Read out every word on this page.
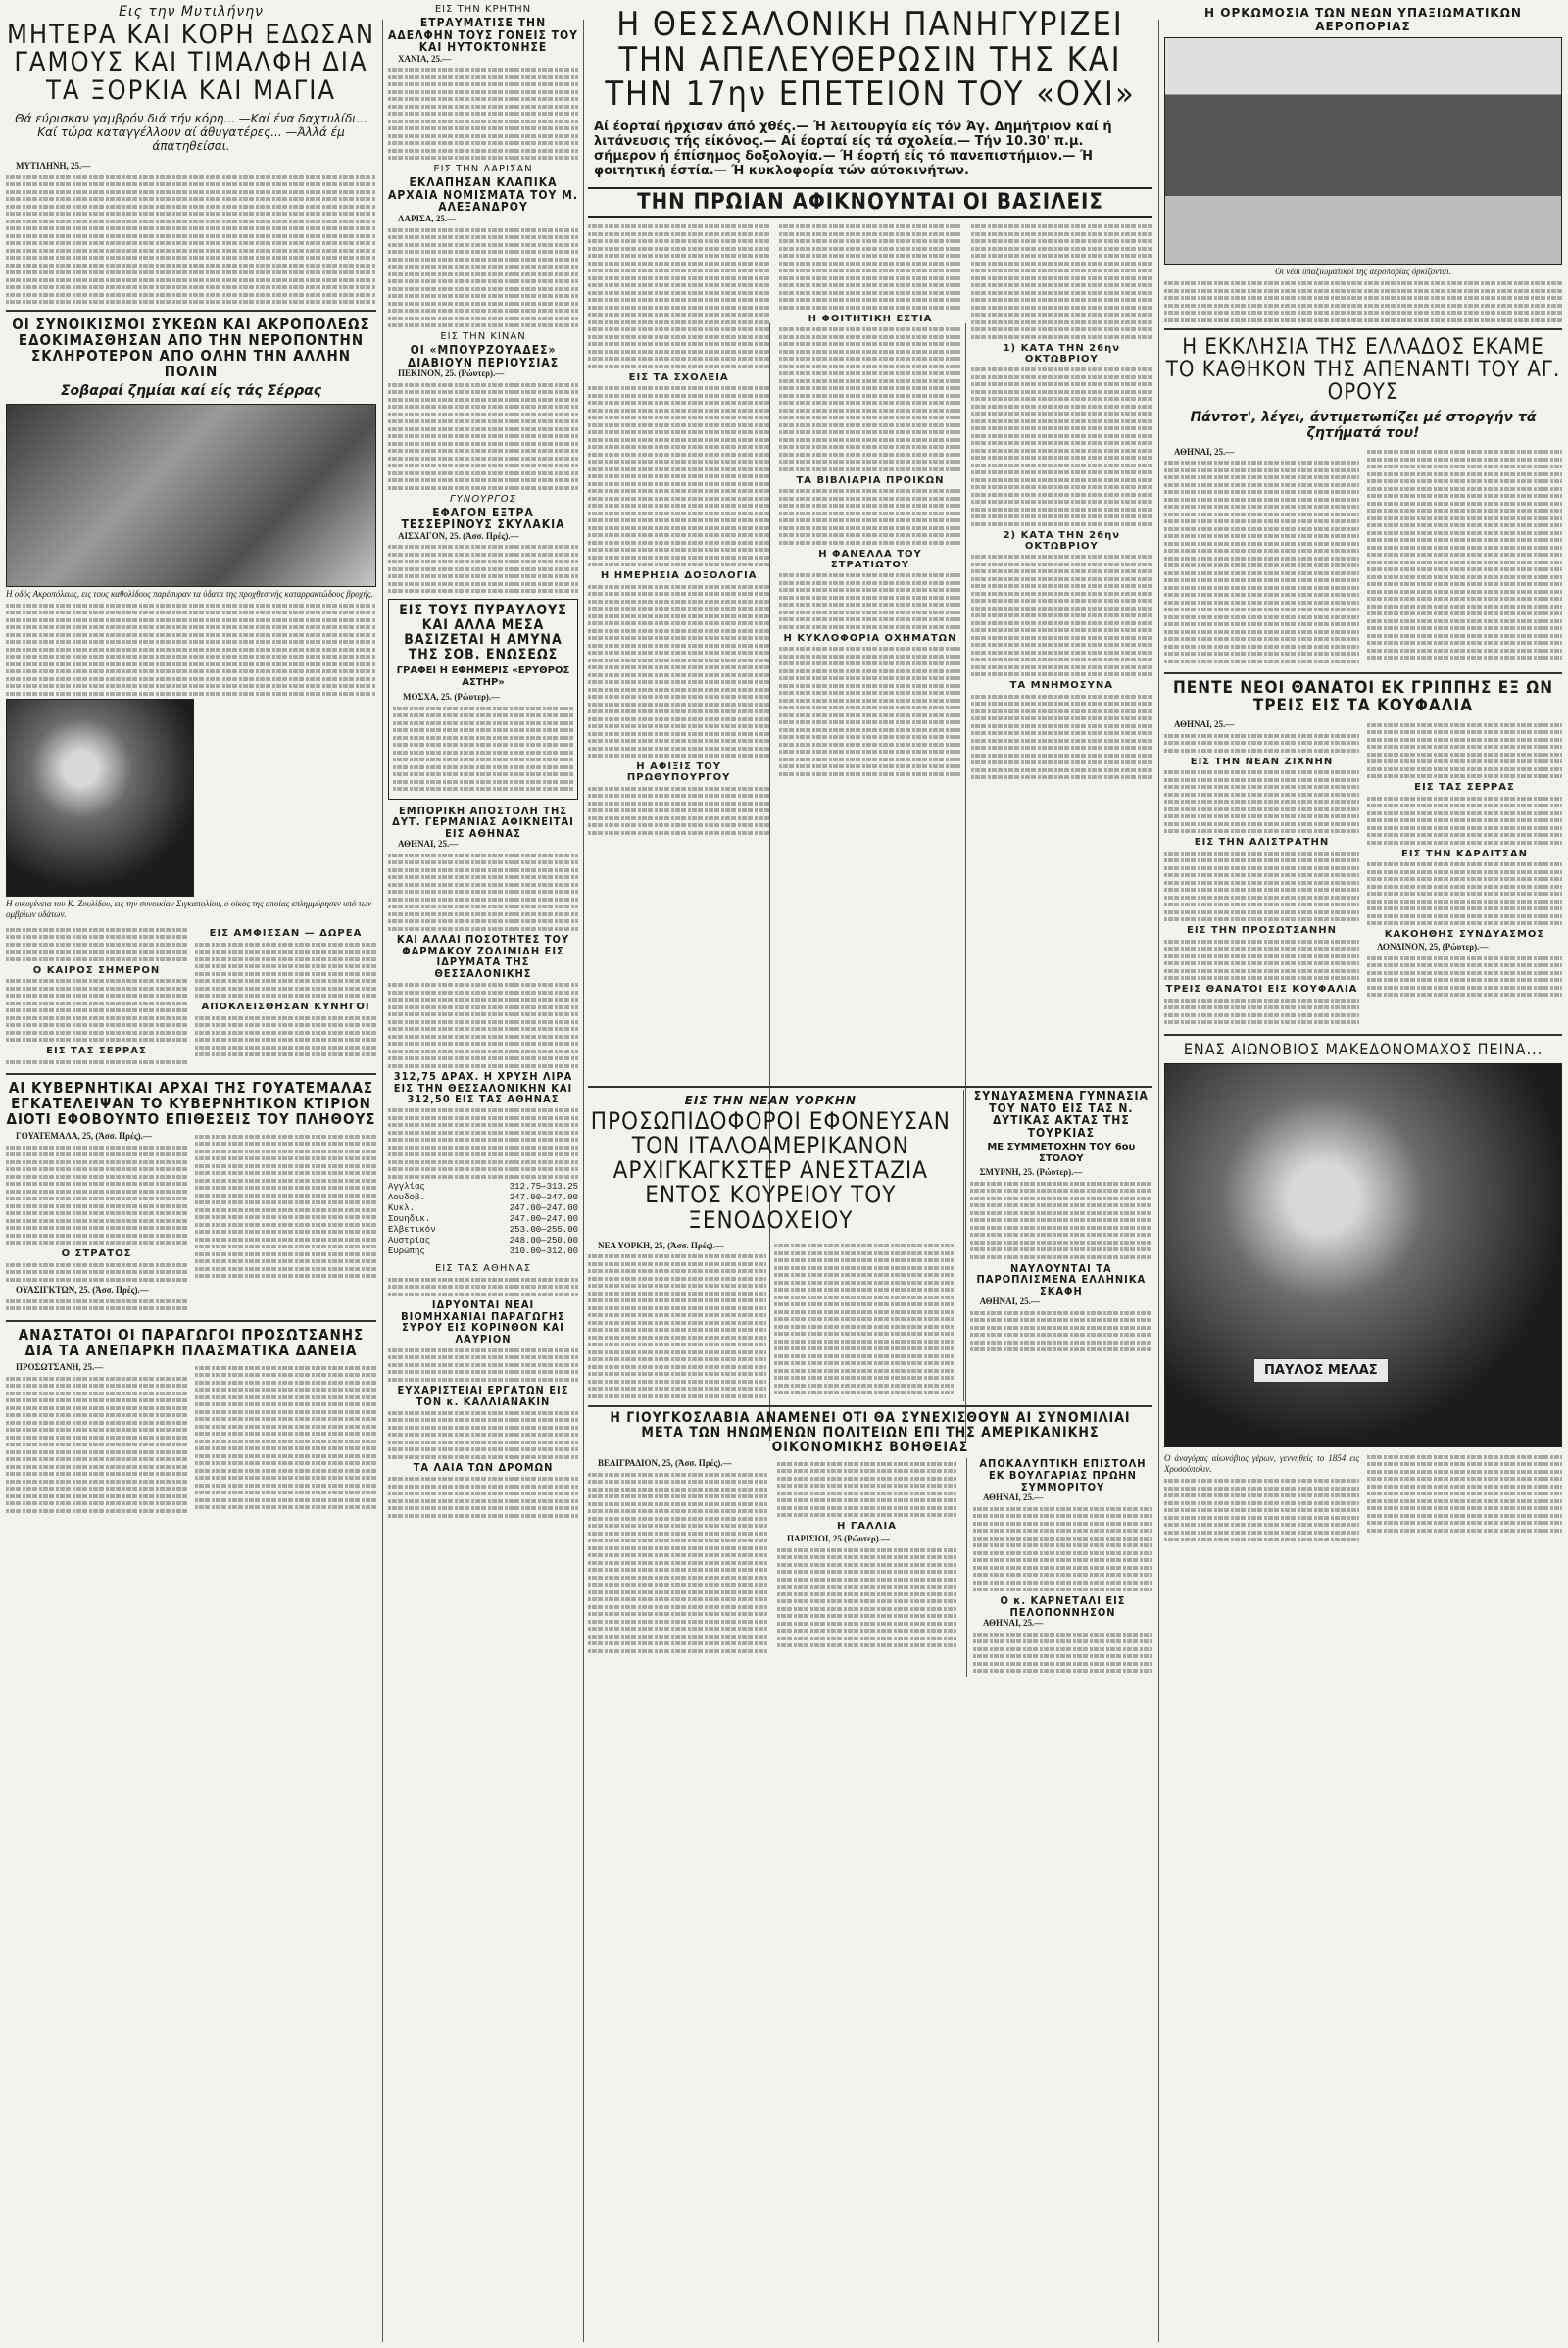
Εις την Μυτιλήνην
ΜΗΤΕΡΑ ΚΑΙ ΚΟΡΗ ΕΔΩΣΑΝ ΓΑΜΟΥΣ ΚΑΙ ΤΙΜΑΛΦΗ ΔΙΑ ΤΑ ΞΟΡΚΙΑ ΚΑΙ ΜΑΓΙΑ
Θά εύρισκαν γαμβρόν διά τήν κόρη... —Καί ένα δαχτυλίδι... Καί τώρα καταγγέλλουν αί άθυγατέρες... —Άλλά έμ άπατηθείσαι.

ΜΥΤΙΛΗΝΗ, 25.—

ΟΙ ΣΥΝΟΙΚΙΣΜΟΙ ΣΥΚΕΩΝ ΚΑΙ ΑΚΡΟΠΟΛΕΩΣ ΕΔΟΚΙΜΑΣΘΗΣΑΝ ΑΠΟ ΤΗΝ ΝΕΡΟΠΟΝΤΗΝ ΣΚΛΗΡΟΤΕΡΟΝ ΑΠΟ ΟΛΗΝ ΤΗΝ ΑΛΛΗΝ ΠΟΛΙΝ
Σοβαραί ζημίαι καί είς τάς Σέρρας
Η οδός Ακροπόλεως, εις τους καθολίδους παρέσυραν τα ύδατα της προχθεσινής καταρρακτώδους βροχής.
Η οικογένεια του Κ. Ζουλίδου, εις την συνοικίαν Σιγκαπολίου, ο οίκος της οποίας επλημμύρησεν υπό των ομβρίων υδάτων.
Ο ΚΑΙΡΟΣ ΣΗΜΕΡΟΝ
ΕΙΣ ΤΑΣ ΣΕΡΡΑΣ
ΕΙΣ ΑΜΦΙΣΣΑΝ — ΔΩΡΕΑ
ΑΠΟΚΛΕΙΣΘΗΣΑΝ ΚΥΝΗΓΟΙ
ΑΙ ΚΥΒΕΡΝΗΤΙΚΑΙ ΑΡΧΑΙ ΤΗΣ ΓΟΥΑΤΕΜΑΛΑΣ ΕΓΚΑΤΕΛΕΙΨΑΝ ΤΟ ΚΥΒΕΡΝΗΤΙΚΟΝ ΚΤΙΡΙΟΝ ΔΙΟΤΙ ΕΦΟΒΟΥΝΤΟ ΕΠΙΘΕΣΕΙΣ ΤΟΥ ΠΛΗΘΟΥΣ

ΓΟΥΑΤΕΜΑΛΑ, 25, (Άσσ. Πρές).—

Ο ΣΤΡΑΤΟΣ

ΟΥΑΣΙΓΚΤΩΝ, 25. (Άσσ. Πρές).—

ΑΝΑΣΤΑΤΟΙ ΟΙ ΠΑΡΑΓΩΓΟΙ ΠΡΟΣΩΤΣΑΝΗΣ ΔΙΑ ΤΑ ΑΝΕΠΑΡΚΗ ΠΛΑΣΜΑΤΙΚΑ ΔΑΝΕΙΑ

ΠΡΟΣΩΤΣΑΝΗ, 25.—

ΕΙΣ ΤΗΝ ΚΡΗΤΗΝ
ΕΤΡΑΥΜΑΤΙΣΕ ΤΗΝ ΑΔΕΛΦΗΝ ΤΟΥΣ ΓΟΝΕΙΣ ΤΟΥ ΚΑΙ ΗΥΤΟΚΤΟΝΗΣΕ

ΧΑΝΙΑ, 25.—

ΕΙΣ ΤΗΝ ΛΑΡΙΣΑΝ
ΕΚΛΑΠΗΣΑΝ ΚΛΑΠΙΚΑ ΑΡΧΑΙΑ ΝΟΜΙΣΜΑΤΑ ΤΟΥ Μ. ΑΛΕΞΑΝΔΡΟΥ

ΛΑΡΙΣΑ, 25.—

ΕΙΣ ΤΗΝ ΚΙΝΑΝ
ΟΙ «ΜΠΟΥΡΖΟΥΑΔΕΣ» ΔΙΑΒΙΟΥΝ ΠΕΡΙΟΥΣΙΑΣ

ΠΕΚΙΝΟΝ, 25. (Ρώυτερ).—

ΓΥΝΟΥΡΓΟΣ
ΕΦΑΓΟΝ ΕΞΤΡΑ ΤΕΣΣΕΡΙΝΟΥΣ ΣΚΥΛΑΚΙΑ

ΑΙΣΧΑΓΟΝ, 25. (Άσσ. Πρές).—

ΕΙΣ ΤΟΥΣ ΠΥΡΑΥΛΟΥΣ ΚΑΙ ΑΛΛΑ ΜΕΣΑ ΒΑΣΙΖΕΤΑΙ Η ΑΜΥΝΑ ΤΗΣ ΣΟΒ. ΕΝΩΣΕΩΣ
ΓΡΑΦΕΙ Η ΕΦΗΜΕΡΙΣ «ΕΡΥΘΡΟΣ ΑΣΤΗΡ»

ΜΟΣΧΑ, 25. (Ρώυτερ).—

ΕΜΠΟΡΙΚΗ ΑΠΟΣΤΟΛΗ ΤΗΣ ΔΥΤ. ΓΕΡΜΑΝΙΑΣ ΑΦΙΚΝΕΙΤΑΙ ΕΙΣ ΑΘΗΝΑΣ

ΑΘΗΝΑΙ, 25.—

ΚΑΙ ΑΛΛΑΙ ΠΟΣΟΤΗΤΕΣ ΤΟΥ ΦΑΡΜΑΚΟΥ ΖΟΛΙΜΙΔΗ ΕΙΣ ΙΔΡΥΜΑΤΑ ΤΗΣ ΘΕΣΣΑΛΟΝΙΚΗΣ
312,75 ΔΡΑΧ. Η ΧΡΥΣΗ ΛΙΡΑ ΕΙΣ ΤΗΝ ΘΕΣΣΑΛΟΝΙΚΗΝ ΚΑΙ 312,50 ΕΙΣ ΤΑΣ ΑΘΗΝΑΣ
Αγγλίας	312.75—313.25
Λουδοβ.	247.00—247.00
Κυκλ.	247.00—247.00
Σουηδικ.	247.00—247.00
Ελβετικόν	253.00—255.00
Αυστρίας	248.00—250.00
Ευρώπης	310.00—312.00
ΕΙΣ ΤΑΣ ΑΘΗΝΑΣ
ΙΔΡΥΟΝΤΑΙ ΝΕΑΙ ΒΙΟΜΗΧΑΝΙΑΙ ΠΑΡΑΓΩΓΗΣ ΣΥΡΟΥ ΕΙΣ ΚΟΡΙΝΘΟΝ ΚΑΙ ΛΑΥΡΙΟΝ
ΕΥΧΑΡΙΣΤΕΙΑΙ ΕΡΓΑΤΩΝ ΕΙΣ ΤΟΝ κ. ΚΑΛΛΙΑΝΑΚΙΝ
ΤΑ ΛΑΙΑ ΤΩΝ ΔΡΟΜΩΝ
Η ΘΕΣΣΑΛΟΝΙΚΗ ΠΑΝΗΓΥΡΙΖΕΙ ΤΗΝ ΑΠΕΛΕΥΘΕΡΩΣΙΝ ΤΗΣ ΚΑΙ ΤΗΝ 17ην ΕΠΕΤΕΙΟΝ ΤΟΥ «ΟΧΙ»
Αί έορταί ήρχισαν άπό χθές.— Ή λειτουργία είς τόν Άγ. Δημήτριον καί ή λιτάνευσις τής είκόνος.— Αί έορταί είς τά σχολεία.— Τήν 10.30' π.μ. σήμερον ή έπίσημος δοξολογία.— Ή έορτή είς τό πανεπιστήμιον.— Ή φοιτητική έστία.— Ή κυκλοφορία τών αύτοκινήτων.
ΤΗΝ ΠΡΩΙΑΝ ΑΦΙΚΝΟΥΝΤΑΙ ΟΙ ΒΑΣΙΛΕΙΣ
ΕΙΣ ΤΑ ΣΧΟΛΕΙΑ
Η ΗΜΕΡΗΣΙΑ ΔΟΞΟΛΟΓΙΑ
Η ΑΦΙΞΙΣ ΤΟΥ ΠΡΩΘΥΠΟΥΡΓΟΥ
Η ΦΟΙΤΗΤΙΚΗ ΕΣΤΙΑ
ΤΑ ΒΙΒΛΙΑΡΙΑ ΠΡΟΙΚΩΝ
Η ΦΑΝΕΛΛΑ ΤΟΥ ΣΤΡΑΤΙΩΤΟΥ
Η ΚΥΚΛΟΦΟΡΙΑ ΟΧΗΜΑΤΩΝ
1) ΚΑΤΑ ΤΗΝ 26ην ΟΚΤΩΒΡΙΟΥ
2) ΚΑΤΑ ΤΗΝ 26ην ΟΚΤΩΒΡΙΟΥ
ΤΑ ΜΝΗΜΟΣΥΝΑ
ΕΙΣ ΤΗΝ ΝΕΑΝ ΥΟΡΚΗΝ
ΠΡΟΣΩΠΙΔΟΦΟΡΟΙ ΕΦΟΝΕΥΣΑΝ ΤΟΝ ΙΤΑΛΟΑΜΕΡΙΚΑΝΟΝ ΑΡΧΙΓΚΑΓΚΣΤΕΡ ΑΝΕΣΤΑΖΙΑ ΕΝΤΟΣ ΚΟΥΡΕΙΟΥ ΤΟΥ ΞΕΝΟΔΟΧΕΙΟΥ

ΝΕΑ ΥΟΡΚΗ, 25, (Άσσ. Πρές).—

ΣΥΝΔΥΑΣΜΕΝΑ ΓΥΜΝΑΣΙΑ ΤΟΥ ΝΑΤΟ ΕΙΣ ΤΑΣ Ν. ΔΥΤΙΚΑΣ ΑΚΤΑΣ ΤΗΣ ΤΟΥΡΚΙΑΣ
ΜΕ ΣΥΜΜΕΤΟΧΗΝ ΤΟΥ 6ου ΣΤΟΛΟΥ

ΣΜΥΡΝΗ, 25. (Ρώυτερ).—

ΝΑΥΛΟΥΝΤΑΙ ΤΑ ΠΑΡΟΠΛΙΣΜΕΝΑ ΕΛΛΗΝΙΚΑ ΣΚΑΦΗ

ΑΘΗΝΑΙ, 25.—

Η ΓΙΟΥΓΚΟΣΛΑΒΙΑ ΑΝΑΜΕΝΕΙ ΟΤΙ ΘΑ ΣΥΝΕΧΙΣΘΟΥΝ ΑΙ ΣΥΝΟΜΙΛΙΑΙ ΜΕΤΑ ΤΩΝ ΗΝΩΜΕΝΩΝ ΠΟΛΙΤΕΙΩΝ ΕΠΙ ΤΗΣ ΑΜΕΡΙΚΑΝΙΚΗΣ ΟΙΚΟΝΟΜΙΚΗΣ ΒΟΗΘΕΙΑΣ

ΒΕΛΙΓΡΑΔΙΟΝ, 25, (Άσσ. Πρές).—

Η ΓΑΛΛΙΑ

ΠΑΡΙΣΙΟΙ, 25 (Ρώυτερ).—

ΑΠΟΚΑΛΥΠΤΙΚΗ ΕΠΙΣΤΟΛΗ ΕΚ ΒΟΥΛΓΑΡΙΑΣ ΠΡΩΗΝ ΣΥΜΜΟΡΙΤΟΥ

ΑΘΗΝΑΙ, 25.—

Ο κ. ΚΑΡΝΕΤΑΛΙ ΕΙΣ ΠΕΛΟΠΟΝΝΗΣΟΝ

ΑΘΗΝΑΙ, 25.—

Η ΟΡΚΩΜΟΣΙΑ ΤΩΝ ΝΕΩΝ ΥΠΑΞΙΩΜΑΤΙΚΩΝ ΑΕΡΟΠΟΡΙΑΣ
Οι νέοι ύπαξιωματικοί της αεροπορίας όρκίζονται.
Η ΕΚΚΛΗΣΙΑ ΤΗΣ ΕΛΛΑΔΟΣ ΕΚΑΜΕ ΤΟ ΚΑΘΗΚΟΝ ΤΗΣ ΑΠΕΝΑΝΤΙ ΤΟΥ ΑΓ. ΟΡΟΥΣ
Πάντοτ', λέγει, άντιμετωπίζει μέ στοργήν τά ζητήματά του!

ΑΘΗΝΑΙ, 25.—

ΠΕΝΤΕ ΝΕΟΙ ΘΑΝΑΤΟΙ ΕΚ ΓΡΙΠΠΗΣ ΕΞ ΩΝ ΤΡΕΙΣ ΕΙΣ ΤΑ ΚΟΥΦΑΛΙΑ

ΑΘΗΝΑΙ, 25.—

ΕΙΣ ΤΗΝ ΝΕΑΝ ΖΙΧΝΗΝ
ΕΙΣ ΤΗΝ ΑΛΙΣΤΡΑΤΗΝ
ΕΙΣ ΤΗΝ ΠΡΟΣΩΤΣΑΝΗΝ
ΤΡΕΙΣ ΘΑΝΑΤΟΙ ΕΙΣ ΚΟΥΦΑΛΙΑ
ΕΙΣ ΤΑΣ ΣΕΡΡΑΣ
ΕΙΣ ΤΗΝ ΚΑΡΔΙΤΣΑΝ
ΚΑΚΟΗΘΗΣ ΣΥΝΔΥΑΣΜΟΣ

ΛΟΝΔΙΝΟΝ, 25, (Ρώυτερ).—

ΕΝΑΣ ΑΙΩΝΟΒΙΟΣ ΜΑΚΕΔΟΝΟΜΑΧΟΣ ΠΕΙΝΑ...
ΠΑΥΛΟΣ ΜΕΛΑΣ
Ο άναγόρας αίωνόβιος γέρων, γεννηθείς το 1854 εις Χρυσούπολιν.
